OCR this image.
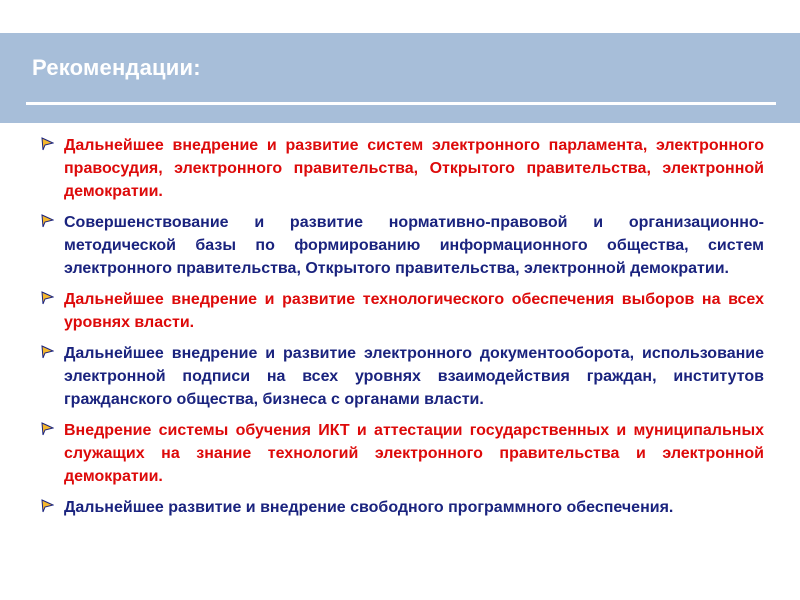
Рекомендации:
Дальнейшее внедрение и развитие систем электронного парламента, электронного правосудия, электронного правительства, Открытого правительства, электронной демократии.
Совершенствование и развитие нормативно-правовой и организационно-методической базы по формированию информационного общества, систем электронного правительства, Открытого правительства, электронной демократии.
Дальнейшее внедрение и развитие технологического обеспечения выборов на всех уровнях власти.
Дальнейшее внедрение и развитие электронного документооборота, использование электронной подписи на всех уровнях взаимодействия граждан, институтов гражданского общества, бизнеса с органами власти.
Внедрение системы обучения ИКТ и аттестации государственных и муниципальных служащих на знание технологий электронного правительства и электронной демократии.
Дальнейшее развитие и внедрение свободного программного обеспечения.
